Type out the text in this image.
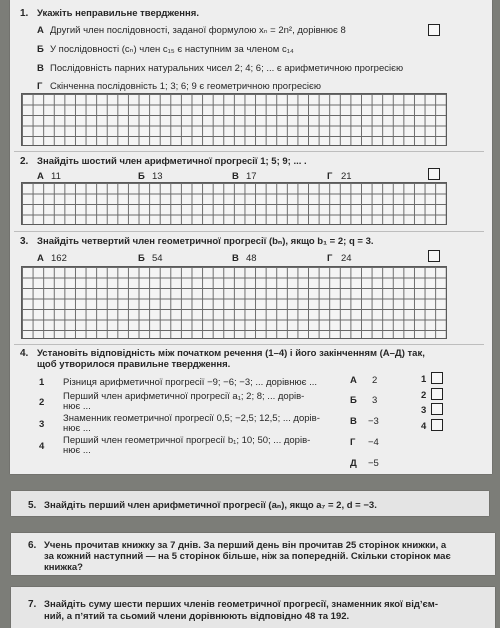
1. Укажіть неправильне твердження.
А Другий член послідовності, заданої формулою xₙ = 2n², дорівнює 8
Б У послідовності (cₙ) член c₁₅ є наступним за членом c₁₄
В Послідовність парних натуральних чисел 2; 4; 6; ... є арифметичною прогресією
Г Скінченна послідовність 1; 3; 6; 9 є геометричною прогресією
2. Знайдіть шостий член арифметичної прогресії 1; 5; 9; ... .
А 11	Б 13	В 17	Г 21
3. Знайдіть четвертий член геометричної прогресії (bₙ), якщо b₁ = 2; q = 3.
А 162	Б 54	В 48	Г 24
4. Установіть відповідність між початком речення (1–4) і його закінченням (А–Д) так,
щоб утворилося правильне твердження.
1 Різниця арифметичної прогресії −9; −6; −3; ... дорівнює ...
2
Перший член арифметичної прогресії a₁; 2; 8; ... дорів-
нює ...
3
Знаменник геометричної прогресії 0,5; −2,5; 12,5; ... дорів-
нює ...
4
Перший член геометричної прогресії b₁; 10; 50; ... дорів-
нює ...
А 2
Б 3
В −3
Г −4
Д −5
1
2
3
4
5. Знайдіть перший член арифметичної прогресії (aₙ), якщо a₇ = 2, d = −3.
6. Учень прочитав книжку за 7 днів. За перший день він прочитав 25 сторінок книжки, а
за кожний наступний — на 5 сторінок більше, ніж за попередній. Скільки сторінок має
книжка?
7. Знайдіть суму шести перших членів геометричної прогресії, знаменник якої відʼєм-
ний, а пʼятий та сьомий члени дорівнюють відповідно 48 та 192.
